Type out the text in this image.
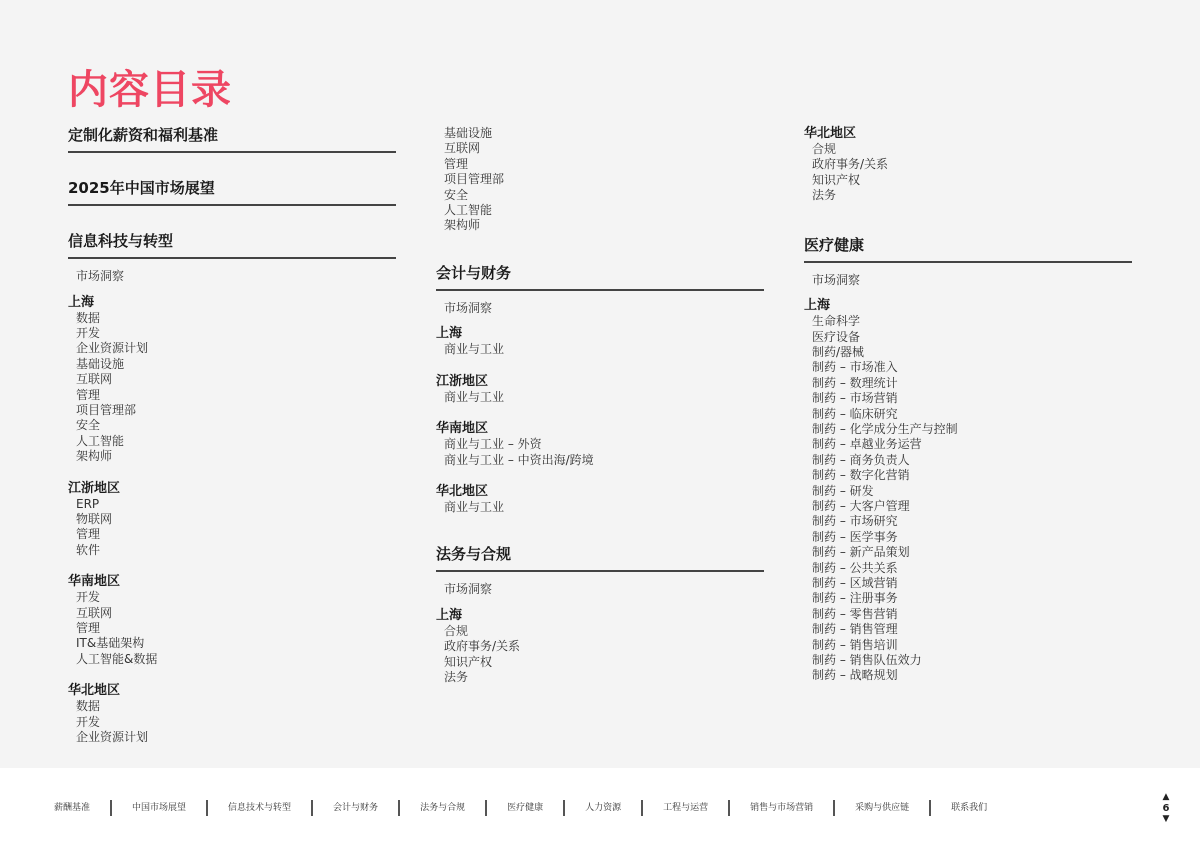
内容目录
定制化薪资和福利基准
2025年中国市场展望
信息科技与转型
市场洞察
上海
数据
开发
企业资源计划
基础设施
互联网
管理
项目管理部
安全
人工智能
架构师
江浙地区
ERP
物联网
管理
软件
华南地区
开发
互联网
管理
IT&基础架构
人工智能&数据
华北地区
数据
开发
企业资源计划
基础设施
互联网
管理
项目管理部
安全
人工智能
架构师
会计与财务
市场洞察
上海
商业与工业
江浙地区
商业与工业
华南地区
商业与工业 – 外资
商业与工业 – 中资出海/跨境
华北地区
商业与工业
法务与合规
市场洞察
上海
合规
政府事务/关系
知识产权
法务
华北地区
合规
政府事务/关系
知识产权
法务
医疗健康
市场洞察
上海
生命科学
医疗设备
制药/器械
制药 – 市场准入
制药 – 数理统计
制药 – 市场营销
制药 – 临床研究
制药 – 化学成分生产与控制
制药 – 卓越业务运营
制药 – 商务负责人
制药 – 数字化营销
制药 – 研发
制药 – 大客户管理
制药 – 市场研究
制药 – 医学事务
制药 – 新产品策划
制药 – 公共关系
制药 – 区域营销
制药 – 注册事务
制药 – 零售营销
制药 – 销售管理
制药 – 销售培训
制药 – 销售队伍效力
制药 – 战略规划
薪酬基准	中国市场展望	信息技术与转型	会计与财务	法务与合规	医疗健康	人力资源	工程与运营	销售与市场营销	采购与供应链	联系我们
▲
6
▼
